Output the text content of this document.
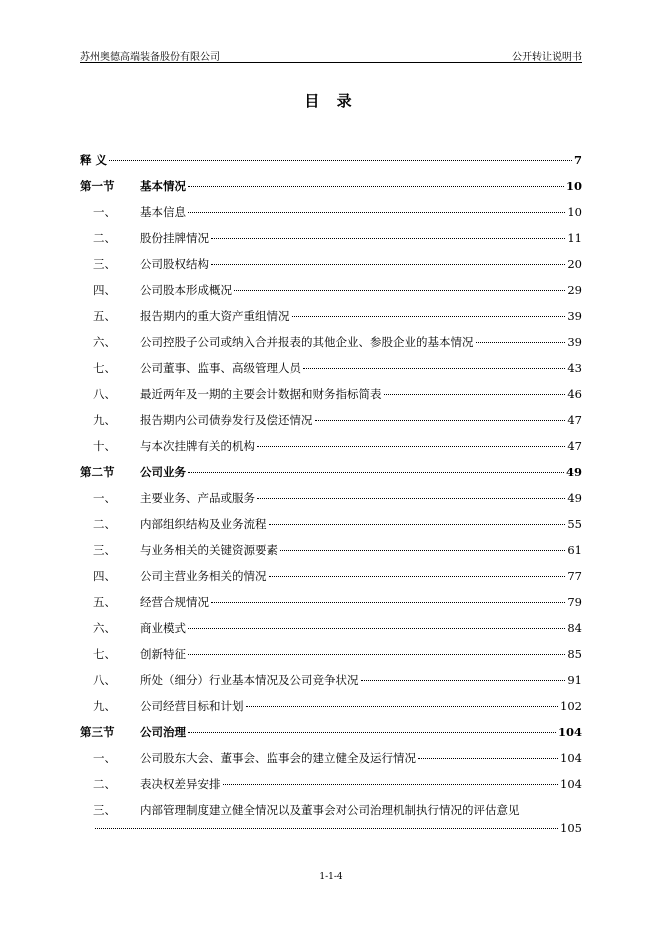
苏州奥德高端装备股份有限公司	公开转让说明书
目 录
释 义	7
第一节 基本情况	10
一、 基本信息	10
二、 股份挂牌情况	11
三、 公司股权结构	20
四、 公司股本形成概况	29
五、 报告期内的重大资产重组情况	39
六、 公司控股子公司或纳入合并报表的其他企业、参股企业的基本情况	39
七、 公司董事、监事、高级管理人员	43
八、 最近两年及一期的主要会计数据和财务指标简表	46
九、 报告期内公司债券发行及偿还情况	47
十、 与本次挂牌有关的机构	47
第二节 公司业务	49
一、 主要业务、产品或服务	49
二、 内部组织结构及业务流程	55
三、 与业务相关的关键资源要素	61
四、 公司主营业务相关的情况	77
五、 经营合规情况	79
六、 商业模式	84
七、 创新特征	85
八、 所处（细分）行业基本情况及公司竞争状况	91
九、 公司经营目标和计划	102
第三节 公司治理	104
一、 公司股东大会、董事会、监事会的建立健全及运行情况	104
二、 表决权差异安排	104
三、 内部管理制度建立健全情况以及董事会对公司治理机制执行情况的评估意见
105
1-1-4
